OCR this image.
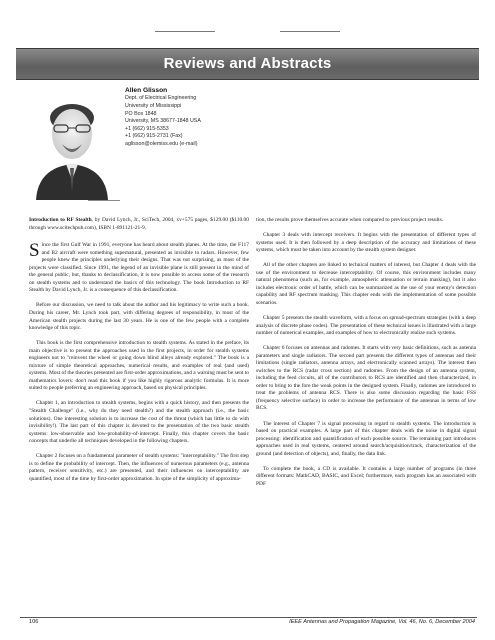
Reviews and Abstracts
Allen Glisson
Dept. of Electrical Engineering
University of Mississippi
PO Box 1848
University, MS 38677-1848 USA
+1 (662) 915-5353
+1 (662) 915-2731 (Fax)
aglisson@olemiss.edu (e-mail)

Introduction to RF Stealth, by David Lynch, Jr., SciTech, 2004, xv+575 pages, $129.00 ($110.00 through www.scitechpub.com), ISBN 1-891121-21-9.

Since the first Gulf War in 1991, everyone has heard about stealth planes. At the time, the F117 and B2 aircraft were something supernatural, presented as invisible to radars. However, few people knew the principles underlying their designs. That was not surprising, as most of the projects were classified. Since 1991, the legend of an invisible plane is still present in the mind of the general public, but, thanks to declassification, it is now possible to access some of the research on stealth systems and to understand the basics of this technology. The book Introduction to RF Stealth by David Lynch, Jr. is a consequence of this declassification.

Before our discussion, we need to talk about the author and his legitimacy to write such a book. During his career, Mr. Lynch took part, with differing degrees of responsibility, in most of the American stealth projects during the last 30 years. He is one of the few people with a complete knowledge of this topic.

This book is the first comprehensive introduction to stealth systems. As stated in the preface, its main objective is to present the approaches used in the first projects, in order for stealth systems engineers not to "reinvent the wheel or going down blind alleys already explored." The book is a mixture of simple theoretical approaches, numerical results, and examples of real (and used) systems. Most of the theories presented are first-order approximations, and a warning must be sent to mathematics lovers: don't read this book if you like highly rigorous analytic formulas. It is more suited to people preferring an engineering approach, based on physical principles.

Chapter 1, an introduction to stealth systems, begins with a quick history, and then presents the "Stealth Challenge" (i.e., why do they need stealth?) and the stealth approach (i.e., the basic solutions). One interesting solution is to increase the cost of the threat (which has little to do with invisibility!). The last part of this chapter is devoted to the presentation of the two basic stealth systems: low-observable and low-probability-of-intercept. Finally, this chapter covers the basic concepts that underlie all techniques developed in the following chapters.

Chapter 2 focuses on a fundamental parameter of stealth systems: "interceptability." The first step is to define the probability of intercept. Then, the influences of numerous parameters (e.g., antenna pattern, receiver sensitivity, etc.) are presented, and their influences on interceptability are quantified, most of the time by first-order approximation. In spite of the simplicity of approxima-

tion, the results prove themselves accurate when compared to previous project results.

Chapter 3 deals with intercept receivers. It begins with the presentation of different types of systems used. It is then followed by a deep description of the accuracy and limitations of these systems, which must be taken into account by the stealth system designer.

All of the other chapters are linked to technical matters of interest, but Chapter 4 deals with the use of the environment to decrease interceptability. Of course, this environment includes many natural phenomena (such as, for example, atmospheric attenuation or terrain masking), but it also includes electronic order of battle, which can be summarized as the use of your enemy's detection capability and RF spectrum masking. This chapter ends with the implementation of some possible scenarios.

Chapter 5 presents the stealth waveform, with a focus on spread-spectrum strategies (with a deep analysis of discrete phase codes). The presentation of these technical issues is illustrated with a large number of numerical examples, and examples of how to electronically realize such systems.

Chapter 6 focuses on antennas and radomes. It starts with very basic definitions, such as antenna parameters and single radiators. The second part presents the different types of antennas and their limitations (single radiators, antenna arrays, and electronically scanned arrays). The interest then switches to the RCS (radar cross section) and radomes. From the design of an antenna system, including the feed circuits, all of the contributors to RCS are identified and then characterized, in order to bring to the fore the weak points in the designed system. Finally, radomes are introduced to treat the problems of antenna RCS. There is also some discussion regarding the basic FSS (frequency selective surface) in order to increase the performance of the antennas in terms of low RCS.

The interest of Chapter 7 is signal processing in regard to stealth systems. The introduction is based on practical examples. A large part of this chapter deals with the noise in digital signal processing: identification and quantification of each possible source. The remaining part introduces approaches used in real systems, centered around search/acquisition/track, characterization of the ground (and detection of objects), and, finally, the data link.

To complete the book, a CD is available. It contains a large number of programs (in three different formats: MathCAD, BASIC, and Excel; furthermore, each program has an associated with PDF

106	IEEE Antennas and Propagation Magazine, Vol. 46, No. 6, December 2004
